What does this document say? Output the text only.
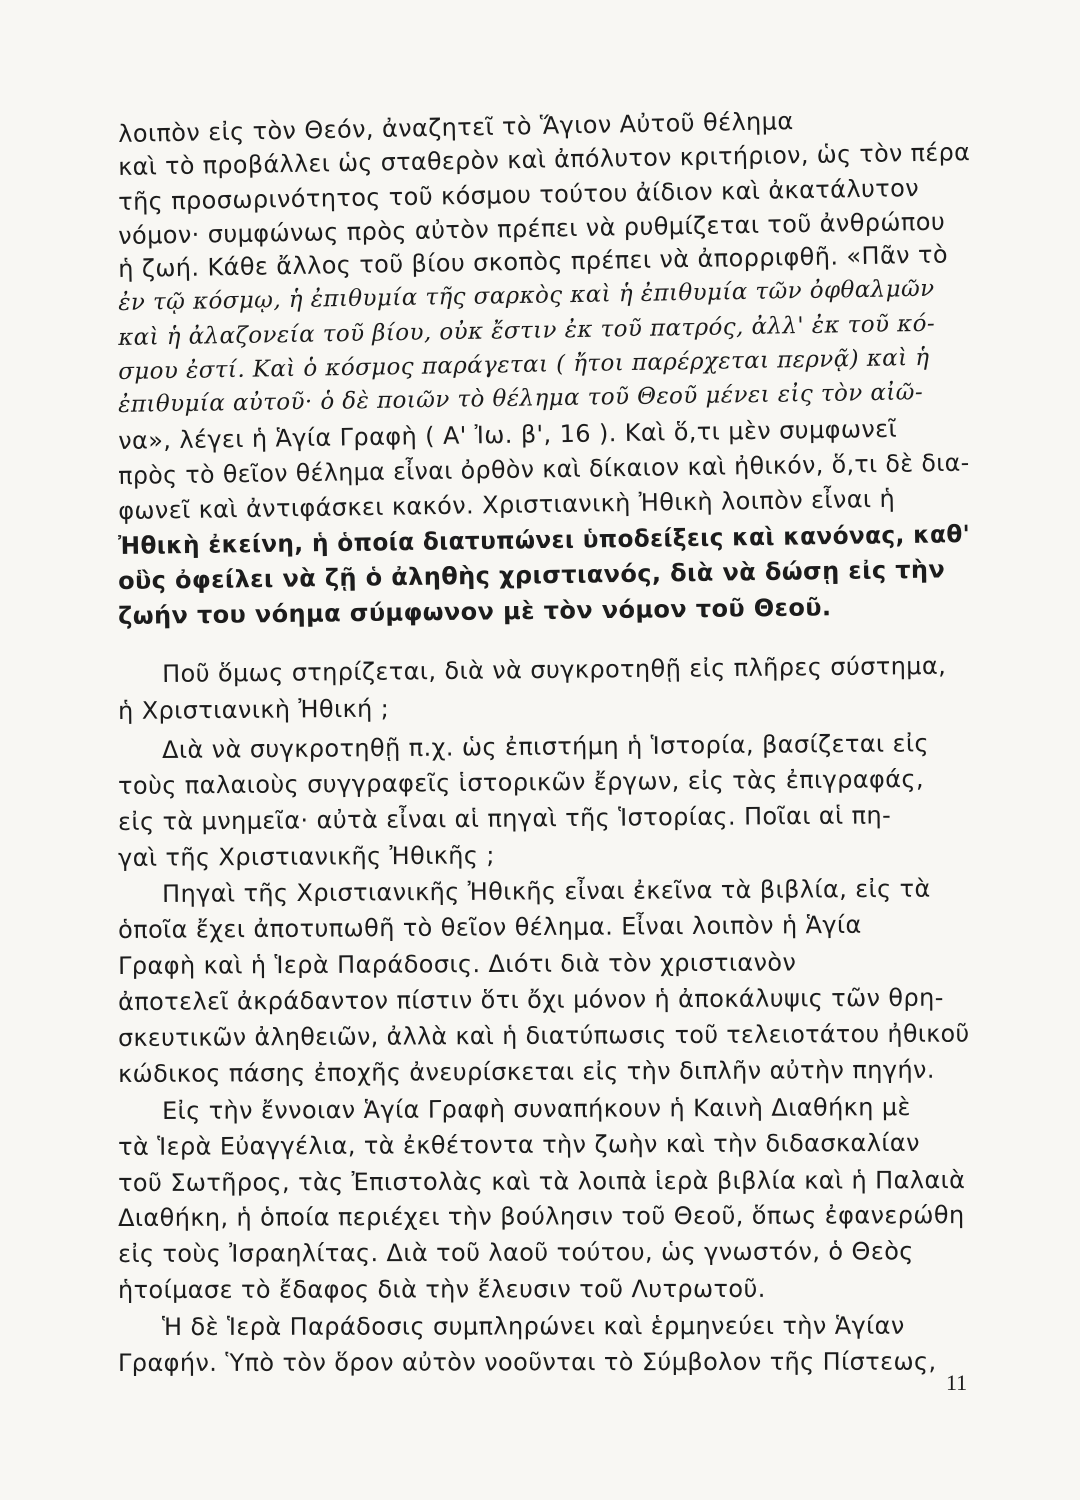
λοιπὸν εἰς τὸν Θεόν, ἀναζητεῖ τὸ Ἅγιον Αὐτοῦ θέλημα
καὶ τὸ προβάλλει ὡς σταθερὸν καὶ ἀπόλυτον κριτήριον, ὡς τὸν πέρα
τῆς προσωρινότητος τοῦ κόσμου τούτου ἀίδιον καὶ ἀκατάλυτον
νόμον· συμφώνως πρὸς αὐτὸν πρέπει νὰ ρυθμίζεται τοῦ ἀνθρώπου
ἡ ζωή. Κάθε ἄλλος τοῦ βίου σκοπὸς πρέπει νὰ ἀπορριφθῆ. «Πᾶν τὸ
ἐν τῷ κόσμῳ, ἡ ἐπιθυμία τῆς σαρκὸς καὶ ἡ ἐπιθυμία τῶν ὀφθαλμῶν
καὶ ἡ ἀλαζονεία τοῦ βίου, οὐκ ἔστιν ἐκ τοῦ πατρός, ἀλλ' ἐκ τοῦ κό-
σμου ἐστί. Καὶ ὁ κόσμος παράγεται ( ἤτοι παρέρχεται περνᾷ) καὶ ἡ
ἐπιθυμία αὐτοῦ· ὁ δὲ ποιῶν τὸ θέλημα τοῦ Θεοῦ μένει εἰς τὸν αἰῶ-
να», λέγει ἡ Ἁγία Γραφὴ ( Α' Ἰω. β', 16 ). Καὶ ὅ,τι μὲν συμφωνεῖ
πρὸς τὸ θεῖον θέλημα εἶναι ὀρθὸν καὶ δίκαιον καὶ ἠθικόν, ὅ,τι δὲ δια-
φωνεῖ καὶ ἀντιφάσκει κακόν. Χριστιανικὴ Ἠθικὴ λοιπὸν εἶναι ἡ
Ἠθικὴ ἐκείνη, ἡ ὁποία διατυπώνει ὑποδείξεις καὶ κανόνας, καθ'
οὓς ὀφείλει νὰ ζῇ ὁ ἀληθὴς χριστιανός, διὰ νὰ δώσῃ εἰς τὴν
ζωήν του νόημα σύμφωνον μὲ τὸν νόμον τοῦ Θεοῦ.
Ποῦ ὅμως στηρίζεται, διὰ νὰ συγκροτηθῇ εἰς πλῆρες σύστημα,
ἡ Χριστιανικὴ Ἠθική ;
Διὰ νὰ συγκροτηθῇ π.χ. ὡς ἐπιστήμη ἡ Ἱστορία, βασίζεται εἰς
τοὺς παλαιοὺς συγγραφεῖς ἱστορικῶν ἔργων, εἰς τὰς ἐπιγραφάς,
εἰς τὰ μνημεῖα· αὐτὰ εἶναι αἱ πηγαὶ τῆς Ἱστορίας. Ποῖαι αἱ πη-
γαὶ τῆς Χριστιανικῆς Ἠθικῆς ;
Πηγαὶ τῆς Χριστιανικῆς Ἠθικῆς εἶναι ἐκεῖνα τὰ βιβλία, εἰς τὰ
ὁποῖα ἔχει ἀποτυπωθῆ τὸ θεῖον θέλημα. Εἶναι λοιπὸν ἡ Ἁγία
Γραφὴ καὶ ἡ Ἱερὰ Παράδοσις. Διότι διὰ τὸν χριστιανὸν
ἀποτελεῖ ἀκράδαντον πίστιν ὅτι ὄχι μόνον ἡ ἀποκάλυψις τῶν θρη-
σκευτικῶν ἀληθειῶν, ἀλλὰ καὶ ἡ διατύπωσις τοῦ τελειοτάτου ἠθικοῦ
κώδικος πάσης ἐποχῆς ἀνευρίσκεται εἰς τὴν διπλῆν αὐτὴν πηγήν.
Εἰς τὴν ἔννοιαν Ἁγία Γραφὴ συναπήκουν ἡ Καινὴ Διαθήκη μὲ
τὰ Ἱερὰ Εὐαγγέλια, τὰ ἐκθέτοντα τὴν ζωὴν καὶ τὴν διδασκαλίαν
τοῦ Σωτῆρος, τὰς Ἐπιστολὰς καὶ τὰ λοιπὰ ἱερὰ βιβλία καὶ ἡ Παλαιὰ
Διαθήκη, ἡ ὁποία περιέχει τὴν βούλησιν τοῦ Θεοῦ, ὅπως ἐφανερώθη
εἰς τοὺς Ἰσραηλίτας. Διὰ τοῦ λαοῦ τούτου, ὡς γνωστόν, ὁ Θεὸς
ἡτοίμασε τὸ ἔδαφος διὰ τὴν ἔλευσιν τοῦ Λυτρωτοῦ.
Ἡ δὲ Ἱερὰ Παράδοσις συμπληρώνει καὶ ἑρμηνεύει τὴν Ἁγίαν
Γραφήν. Ὑπὸ τὸν ὅρον αὐτὸν νοοῦνται τὸ Σύμβολον τῆς Πίστεως,
11
